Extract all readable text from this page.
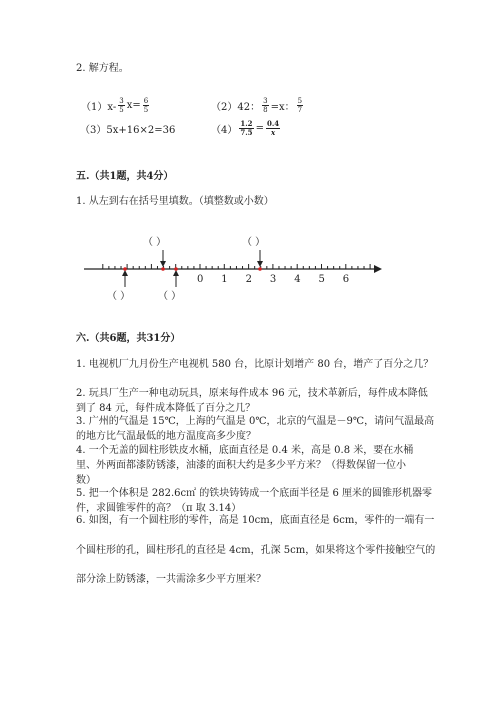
2. 解方程。
$(1)x- \frac{3}{5} x= \frac{6}{5}$	（2）42： $\frac{3}{8} =x$： $\frac{5}{7}$
（3）5x+16×2=36	$(4) \frac{1.2}{7.5} = \frac{0.4}{x}$
五.（共1题，共4分）
1. 从左到右在括号里填数。（填整数或小数）
（ ）	（ ）
（ ）	（ ）
0 1 2 3 4 5 6
六.（共6题，共31分）
1. 电视机厂九月份生产电视机 580 台，比原计划增产 80 台，增产了百分之几？
2. 玩具厂生产一种电动玩具，原来每件成本 96 元，技术革新后，每件成本降低
到了 84 元，每件成本降低了百分之几？
3. 广州的气温是 15℃，上海的气温是 0℃，北京的气温是－9℃，请问气温最高
的地方比气温最低的地方温度高多少度？
4. 一个无盖的圆柱形铁皮水桶，底面直径是 0.4 米，高是 0.8 米，要在水桶
里、外两面都漆防锈漆，油漆的面积大约是多少平方米？（得数保留一位小
数）
5. 把一个体积是 282.6c㎡ 的铁块铸铸成一个底面半径是 6 厘米的圆锥形机器零
件，求圆锥零件的高？（π 取 3.14）
6. 如图，有一个圆柱形的零件，高是 10cm，底面直径是 6cm，零件的一端有一
个圆柱形的孔，圆柱形孔的直径是 4cm，孔深 5cm，如果将这个零件接触空气的
部分涂上防锈漆，一共需涂多少平方厘米？
